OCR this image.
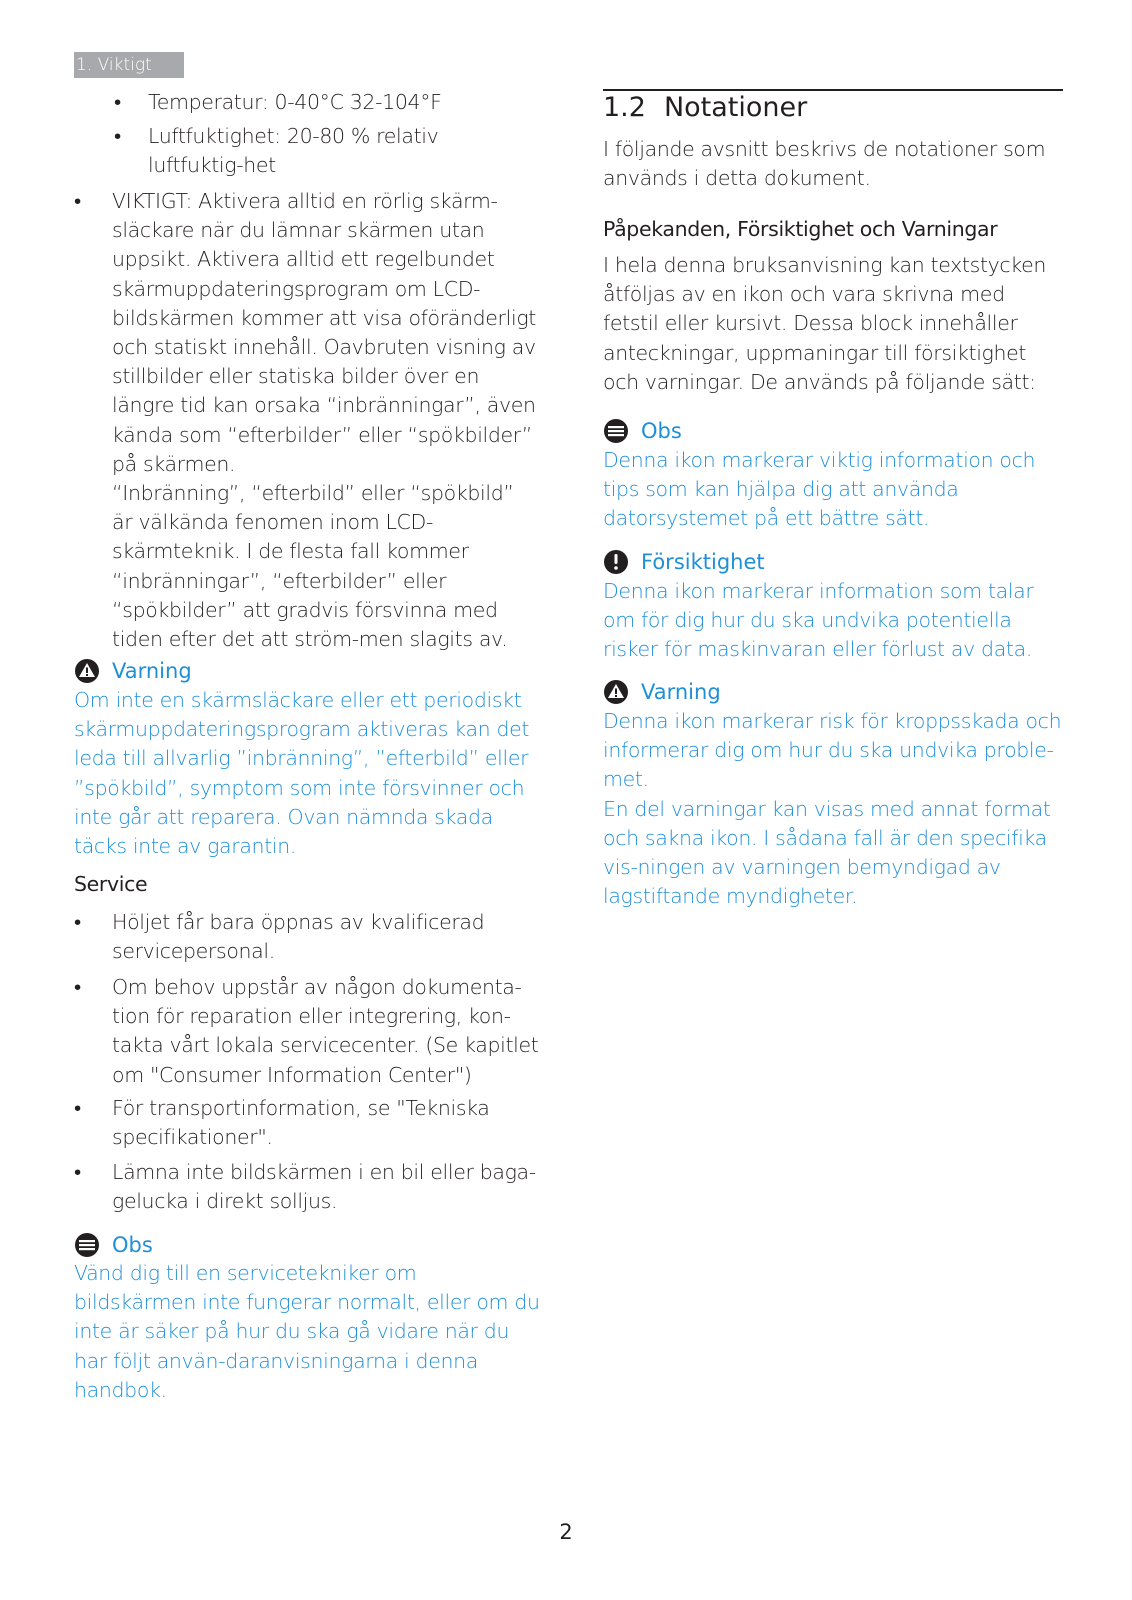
1. Viktigt
• Temperatur: 0-40°C 32-104°F
• Luftfuktighet: 20-80 % relativ luftfuktig-het
• VIKTIGT: Aktivera alltid en rörlig skärm-släckare när du lämnar skärmen utan uppsikt. Aktivera alltid ett regelbundet skärmuppdateringsprogram om LCD-bildskärmen kommer att visa oföränderligt och statiskt innehåll. Oavbruten visning av stillbilder eller statiska bilder över en längre tid kan orsaka “inbränningar”, även kända som “efterbilder” eller “spökbilder” på skärmen.
“Inbränning”, “efterbild” eller “spökbild” är välkända fenomen inom LCD-skärmteknik. I de flesta fall kommer “inbränningar”, “efterbilder” eller “spökbilder” att gradvis försvinna med tiden efter det att ström-men slagits av.
Varning
Om inte en skärmsläckare eller ett periodiskt skärmuppdateringsprogram aktiveras kan det leda till allvarlig ”inbränning”, ”efterbild” eller ”spökbild”, symptom som inte försvinner och inte går att reparera. Ovan nämnda skada täcks inte av garantin.
Service
• Höljet får bara öppnas av kvalificerad servicepersonal.
• Om behov uppstår av någon dokumenta-tion för reparation eller integrering, kon-takta vårt lokala servicecenter. (Se kapitlet om "Consumer Information Center")
• För transportinformation, se "Tekniska specifikationer".
• Lämna inte bildskärmen i en bil eller baga-gelucka i direkt solljus.
Obs
Vänd dig till en servicetekniker om bildskärmen inte fungerar normalt, eller om du inte är säker på hur du ska gå vidare när du har följt använ-daranvisningarna i denna handbok.
1.2 Notationer
I följande avsnitt beskrivs de notationer som används i detta dokument.
Påpekanden, Försiktighet och Varningar
I hela denna bruksanvisning kan textstycken åtföljas av en ikon och vara skrivna med fetstil eller kursivt. Dessa block innehåller anteckningar, uppmaningar till försiktighet och varningar. De används på följande sätt:
Obs
Denna ikon markerar viktig information och tips som kan hjälpa dig att använda datorsystemet på ett bättre sätt.
Försiktighet
Denna ikon markerar information som talar om för dig hur du ska undvika potentiella risker för maskinvaran eller förlust av data.
Varning
Denna ikon markerar risk för kroppsskada och informerar dig om hur du ska undvika proble-met.
En del varningar kan visas med annat format och sakna ikon. I sådana fall är den specifika vis-ningen av varningen bemyndigad av lagstiftande myndigheter.
2
